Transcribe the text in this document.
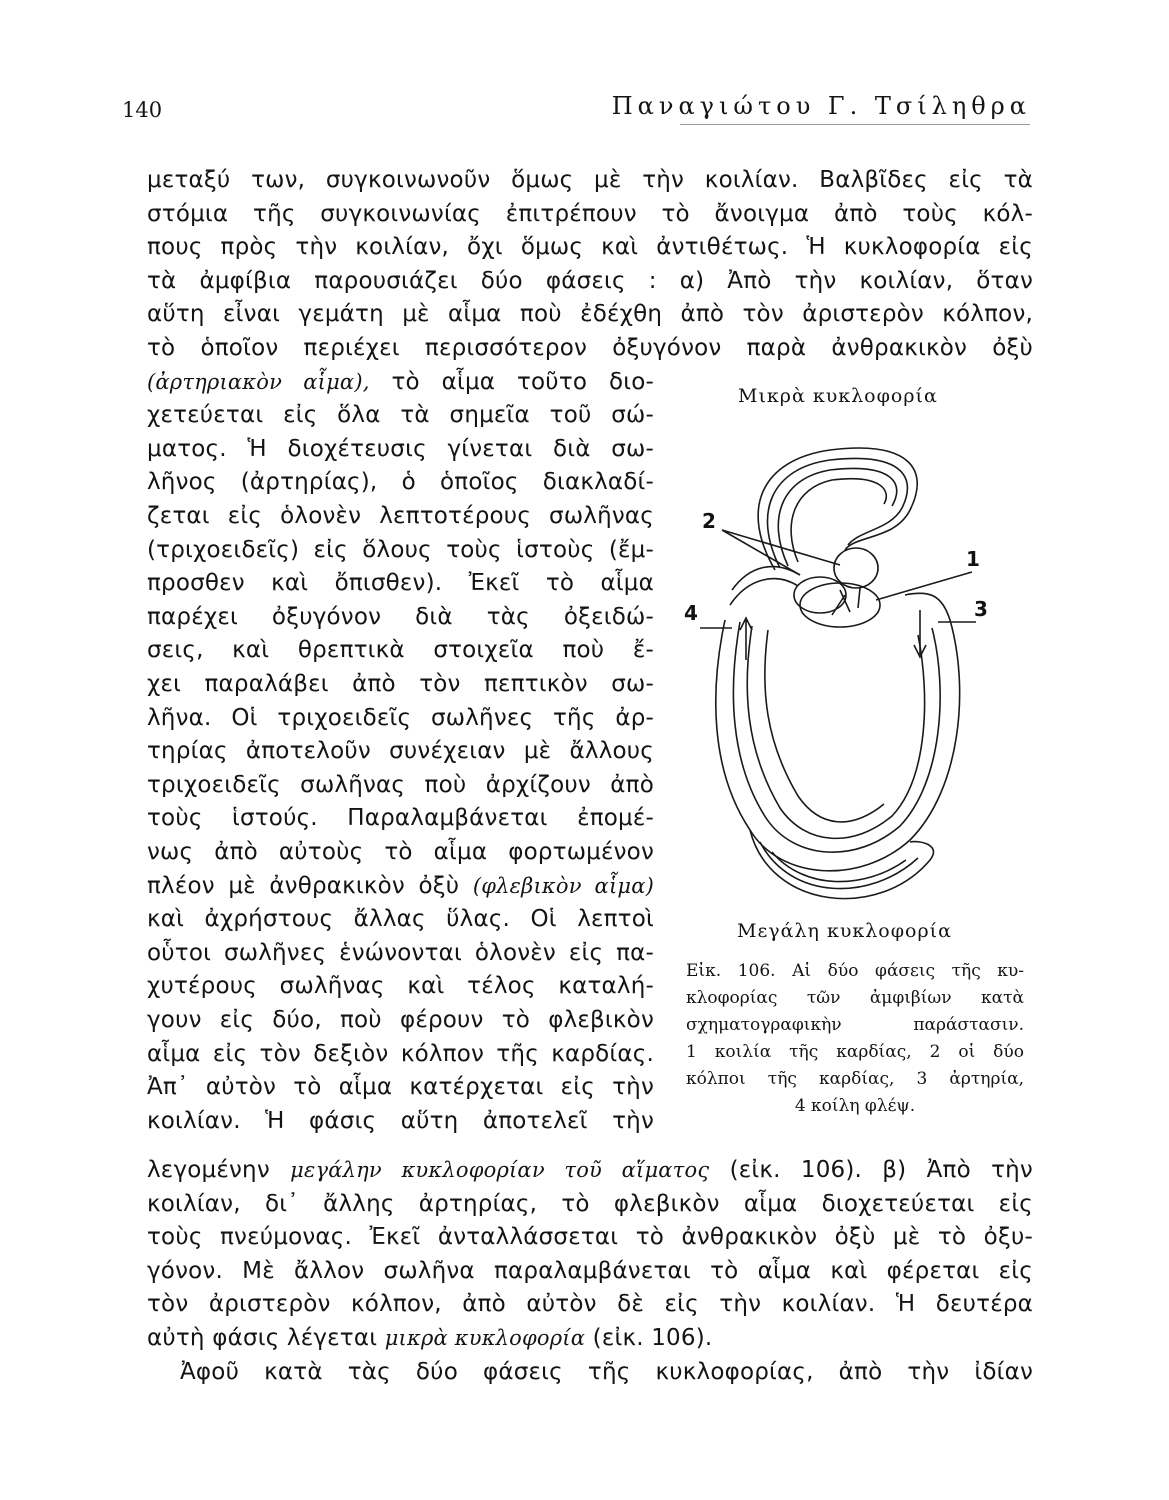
140	Παναγιώτου Γ. Τσίληθρα
μεταξύ των, συγκοινωνοῦν ὅμως μὲ τὴν κοιλίαν. Βαλβῖδες εἰς τὰ
στόμια τῆς συγκοινωνίας ἐπιτρέπουν τὸ ἄνοιγμα ἀπὸ τοὺς κόλ-
πους πρὸς τὴν κοιλίαν, ὄχι ὅμως καὶ ἀντιθέτως. Ἡ κυκλοφορία εἰς
τὰ ἀμφίβια παρουσιάζει δύο φάσεις : α) Ἀπὸ τὴν κοιλίαν, ὅταν
αὕτη εἶναι γεμάτη μὲ αἷμα ποὺ ἐδέχθη ἀπὸ τὸν ἀριστερὸν κόλπον,
τὸ ὁποῖον περιέχει περισσότερον ὀξυγόνον παρὰ ἀνθρακικὸν ὀξὺ
(ἀρτηριακὸν αἷμα), τὸ αἷμα τοῦτο διο-
χετεύεται εἰς ὅλα τὰ σημεῖα τοῦ σώ-
ματος. Ἡ διοχέτευσις γίνεται διὰ σω-
λῆνος (ἀρτηρίας), ὁ ὁποῖος διακλαδί-
ζεται εἰς ὁλονὲν λεπτοτέρους σωλῆνας
(τριχοειδεῖς) εἰς ὅλους τοὺς ἱστοὺς (ἔμ-
προσθεν καὶ ὄπισθεν). Ἐκεῖ τὸ αἷμα
παρέχει ὀξυγόνον διὰ τὰς ὀξειδώ-
σεις, καὶ θρεπτικὰ στοιχεῖα ποὺ ἔ-
χει παραλάβει ἀπὸ τὸν πεπτικὸν σω-
λῆνα. Οἱ τριχοειδεῖς σωλῆνες τῆς ἀρ-
τηρίας ἀποτελοῦν συνέχειαν μὲ ἄλλους
τριχοειδεῖς σωλῆνας ποὺ ἀρχίζουν ἀπὸ
τοὺς ἱστούς. Παραλαμβάνεται ἐπομέ-
νως ἀπὸ αὐτοὺς τὸ αἷμα φορτωμένον
πλέον μὲ ἀνθρακικὸν ὀξὺ (φλεβικὸν αἷμα)
καὶ ἀχρήστους ἄλλας ὕλας. Οἱ λεπτοὶ
οὗτοι σωλῆνες ἑνώνονται ὁλονὲν εἰς πα-
χυτέρους σωλῆνας καὶ τέλος καταλή-
γουν εἰς δύο, ποὺ φέρουν τὸ φλεβικὸν
αἷμα εἰς τὸν δεξιὸν κόλπον τῆς καρδίας.
Ἀπ᾿ αὐτὸν τὸ αἷμα κατέρχεται εἰς τὴν
κοιλίαν. Ἡ φάσις αὕτη ἀποτελεῖ τὴν
λεγομένην μεγάλην κυκλοφορίαν τοῦ αἵματος (εἰκ. 106). β) Ἀπὸ τὴν
κοιλίαν, δι᾿ ἄλλης ἀρτηρίας, τὸ φλεβικὸν αἷμα διοχετεύεται εἰς
τοὺς πνεύμονας. Ἐκεῖ ἀνταλλάσσεται τὸ ἀνθρακικὸν ὀξὺ μὲ τὸ ὀξυ-
γόνον. Μὲ ἄλλον σωλῆνα παραλαμβάνεται τὸ αἷμα καὶ φέρεται εἰς
τὸν ἀριστερὸν κόλπον, ἀπὸ αὐτὸν δὲ εἰς τὴν κοιλίαν. Ἡ δευτέρα
αὐτὴ φάσις λέγεται μικρὰ κυκλοφορία (εἰκ. 106).
Ἀφοῦ κατὰ τὰς δύο φάσεις τῆς κυκλοφορίας, ἀπὸ τὴν ἰδίαν
Μικρὰ κυκλοφορία
2
1
3
4
Μεγάλη κυκλοφορία
Εἰκ. 106. Αἱ δύο φάσεις τῆς κυ-
κλοφορίας τῶν ἀμφιβίων κατὰ
σχηματογραφικὴν παράστασιν.
1 κοιλία τῆς καρδίας, 2 οἱ δύο
κόλποι τῆς καρδίας, 3 ἀρτηρία,
4 κοίλη φλέψ.
